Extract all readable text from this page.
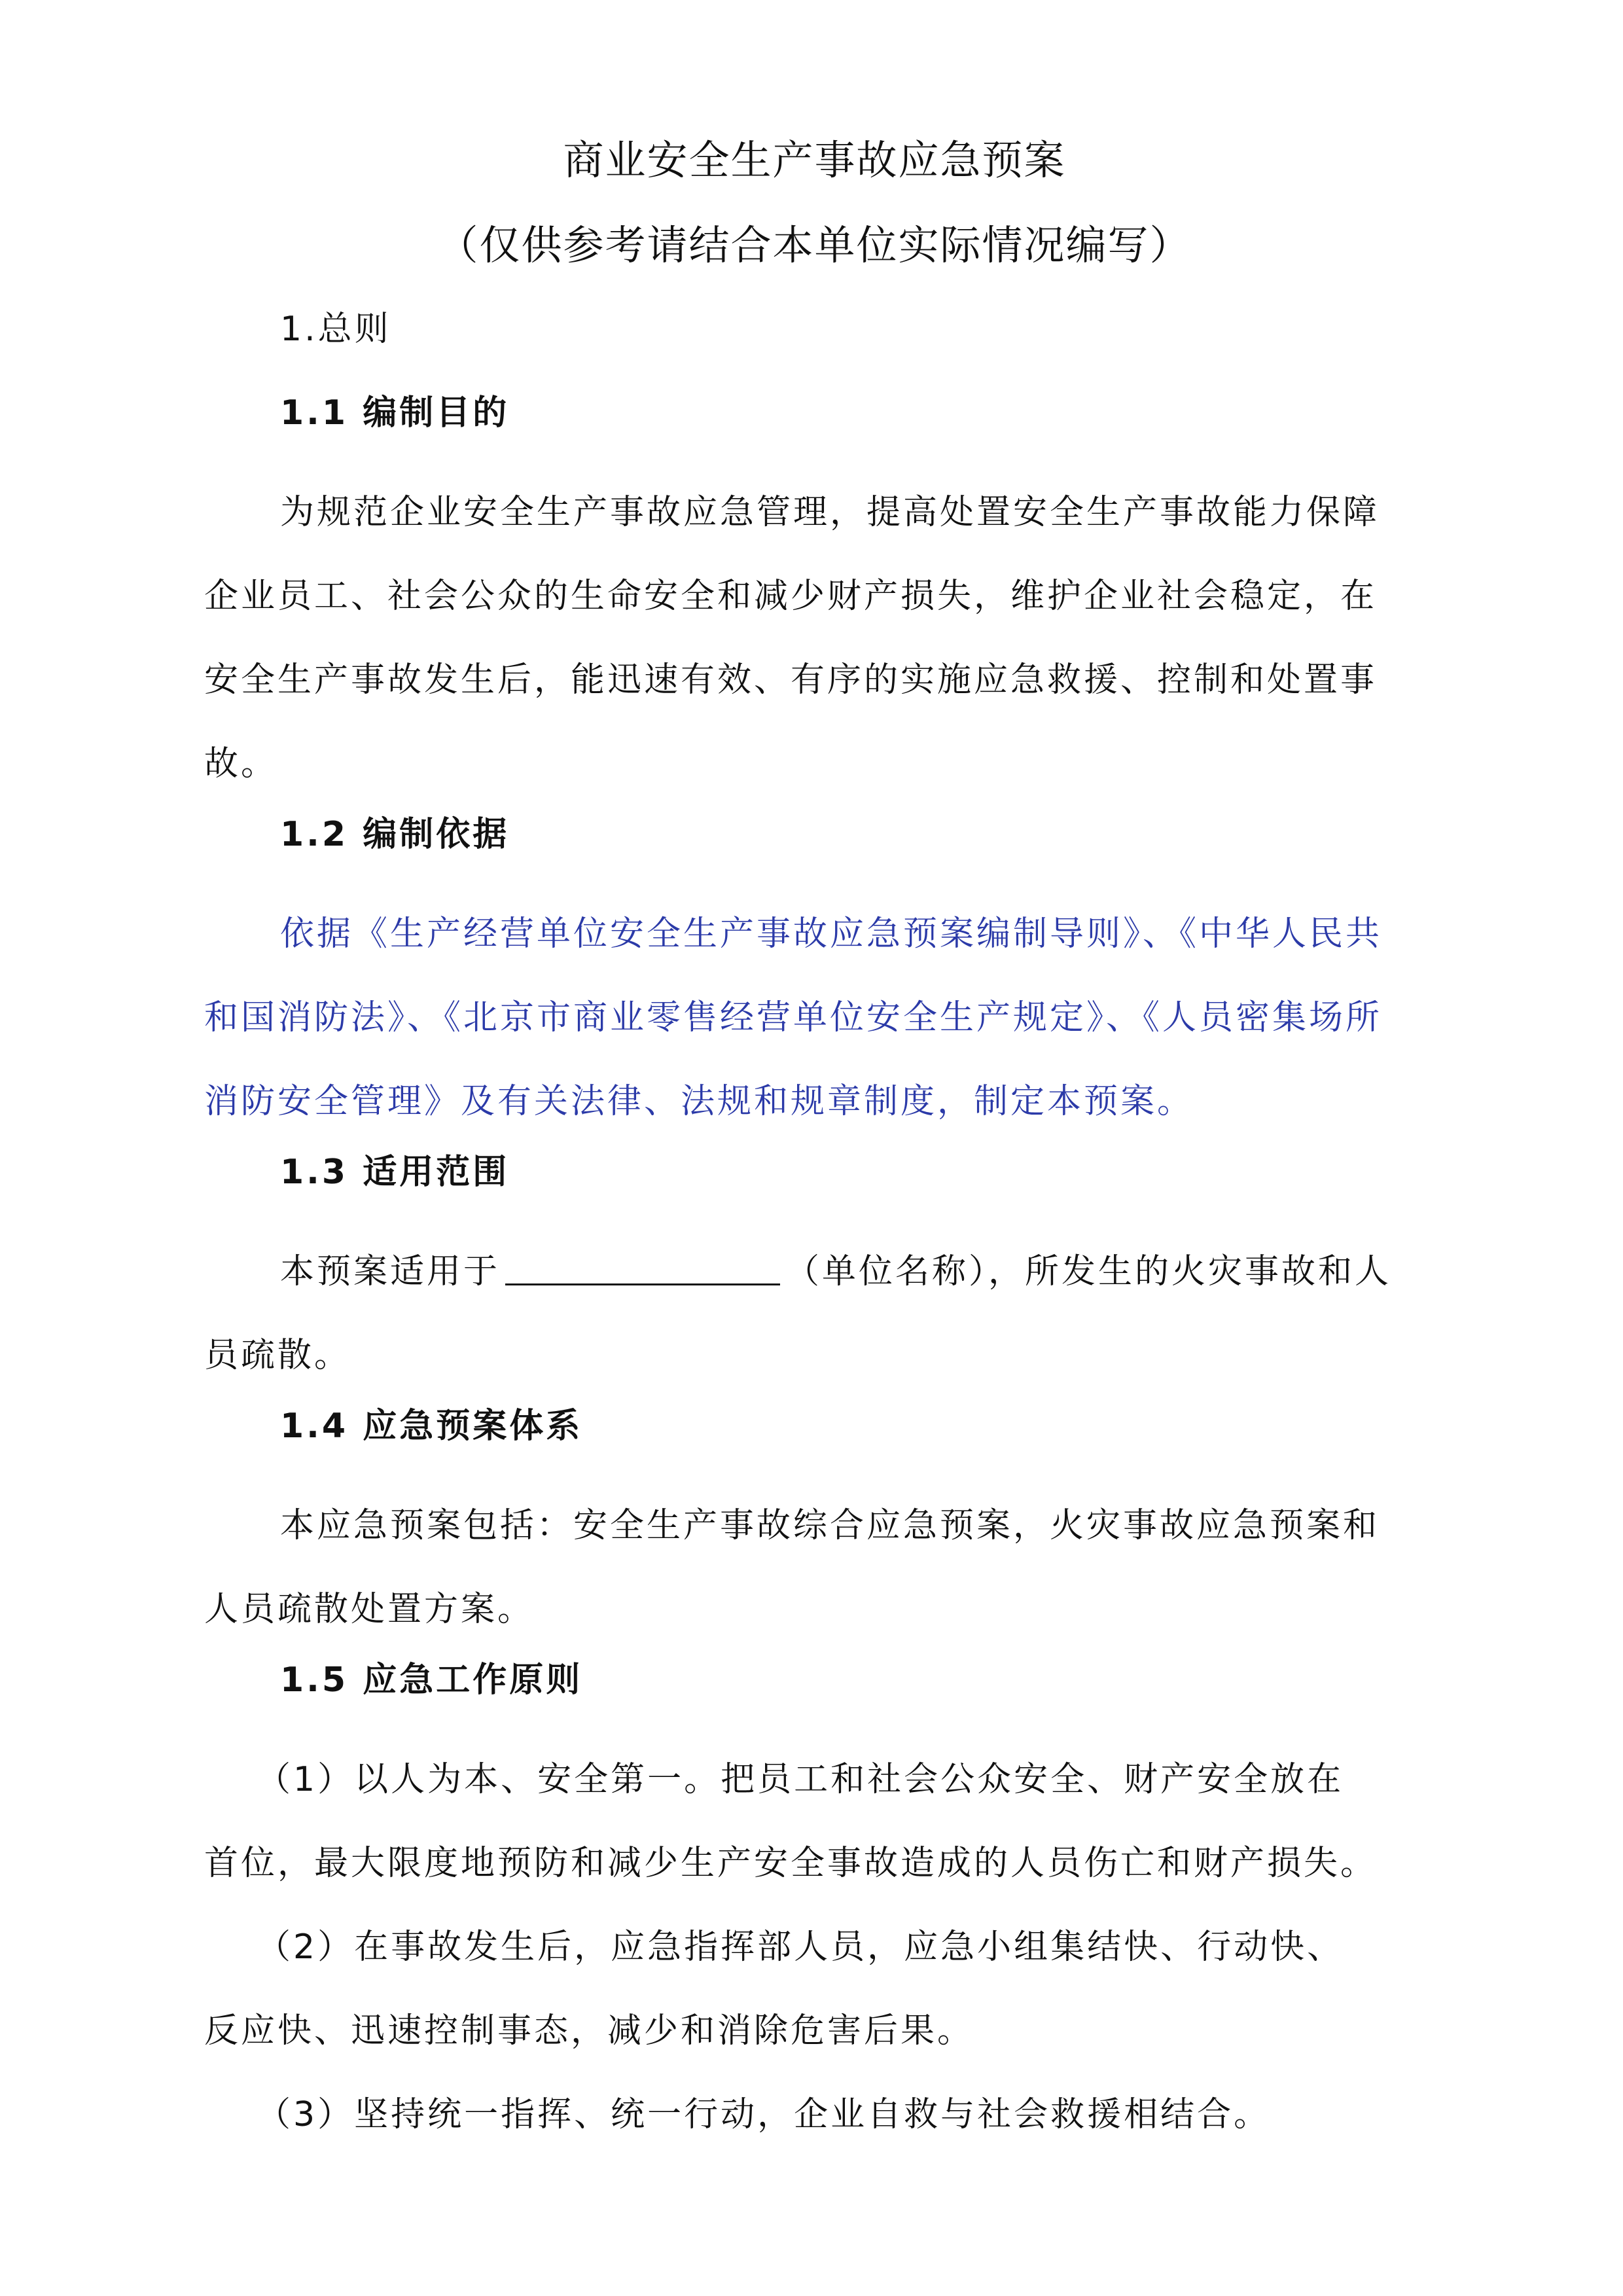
商业安全生产事故应急预案
（仅供参考请结合本单位实际情况编写）
1.总则
1.1 编制目的
为规范企业安全生产事故应急管理，提高处置安全生产事故能力保障
企业员工、社会公众的生命安全和减少财产损失，维护企业社会稳定，在
安全生产事故发生后，能迅速有效、有序的实施应急救援、控制和处置事
故。
1.2 编制依据
依据《生产经营单位安全生产事故应急预案编制导则》、《中华人民共
和国消防法》、《北京市商业零售经营单位安全生产规定》、《人员密集场所
消防安全管理》及有关法律、法规和规章制度，制定本预案。
1.3 适用范围
本预案适用于	（单位名称），所发生的火灾事故和人
员疏散。
1.4 应急预案体系
本应急预案包括：安全生产事故综合应急预案，火灾事故应急预案和
人员疏散处置方案。
1.5 应急工作原则
（1）以人为本、安全第一。把员工和社会公众安全、财产安全放在
首位，最大限度地预防和减少生产安全事故造成的人员伤亡和财产损失。
（2）在事故发生后，应急指挥部人员，应急小组集结快、行动快、
反应快、迅速控制事态，减少和消除危害后果。
（3）坚持统一指挥、统一行动，企业自救与社会救援相结合。
